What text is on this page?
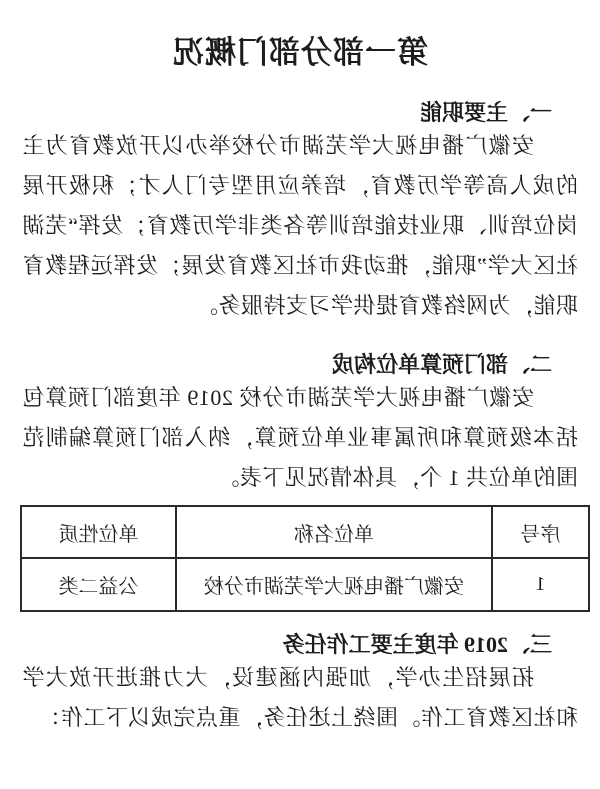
第一部分部门概况
一、主要职能

安徽广播电视大学芜湖市分校举办以开放教育为主的成人高等学历教育，培养应用型专门人才；积极开展岗位培训、职业技能培训等各类非学历教育；发挥“芜湖社区大学”职能，推动我市社区教育发展；发挥远程教育职能，为网络教育提供学习支持服务。

二、部门预算单位构成

安徽广播电视大学芜湖市分校 2019 年度部门预算包括本级预算和所属事业单位预算，纳入部门预算编制范围的单位共 1 个，具体情况见下表。

序号	单位名称	单位性质
1	安徽广播电视大学芜湖市分校	公益二类
三、2019 年度主要工作任务

拓展招生办学，加强内涵建设，大力推进开放大学和社区教育工作。围绕上述任务，重点完成以下工作：
